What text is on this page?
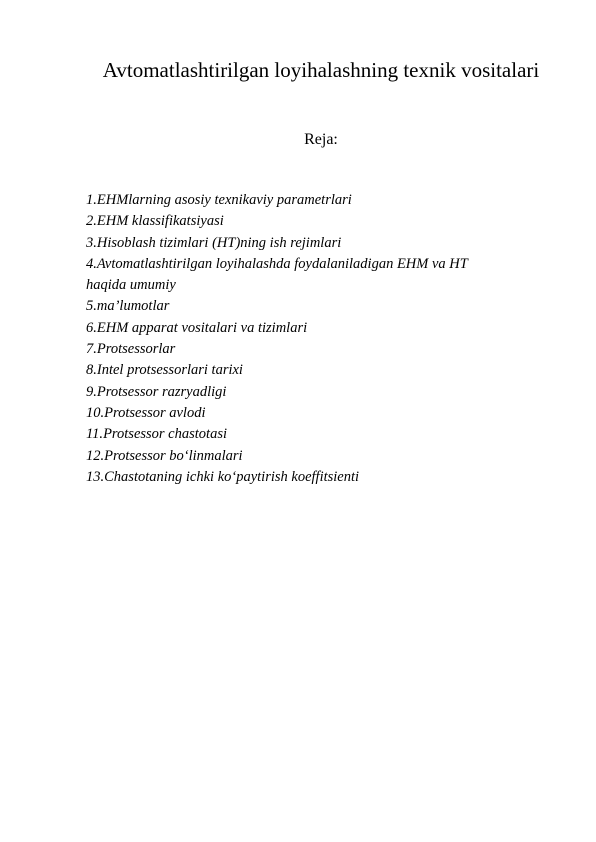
Avtomatlashtirilgan loyihalashning texnik vositalari
Reja:
1. EHMlarning asosiy texnikaviy parametrlari
2. EHM klassifikatsiyasi
3. Hisoblash tizimlari (HT)ning ish rejimlari
4. Avtomatlashtirilgan loyihalashda foydalaniladigan EHM va HT
haqida umumiy
5. ma’lumotlar
6. EHM apparat vositalari va tizimlari
7. Protsessorlar
8. Intel protsessorlari tarixi
9. Protsessor razryadligi
10. Protsessor avlodi
11. Protsessor chastotasi
12. Protsessor bo‘linmalari
13. Chastotaning ichki ko‘paytirish koeffitsienti
